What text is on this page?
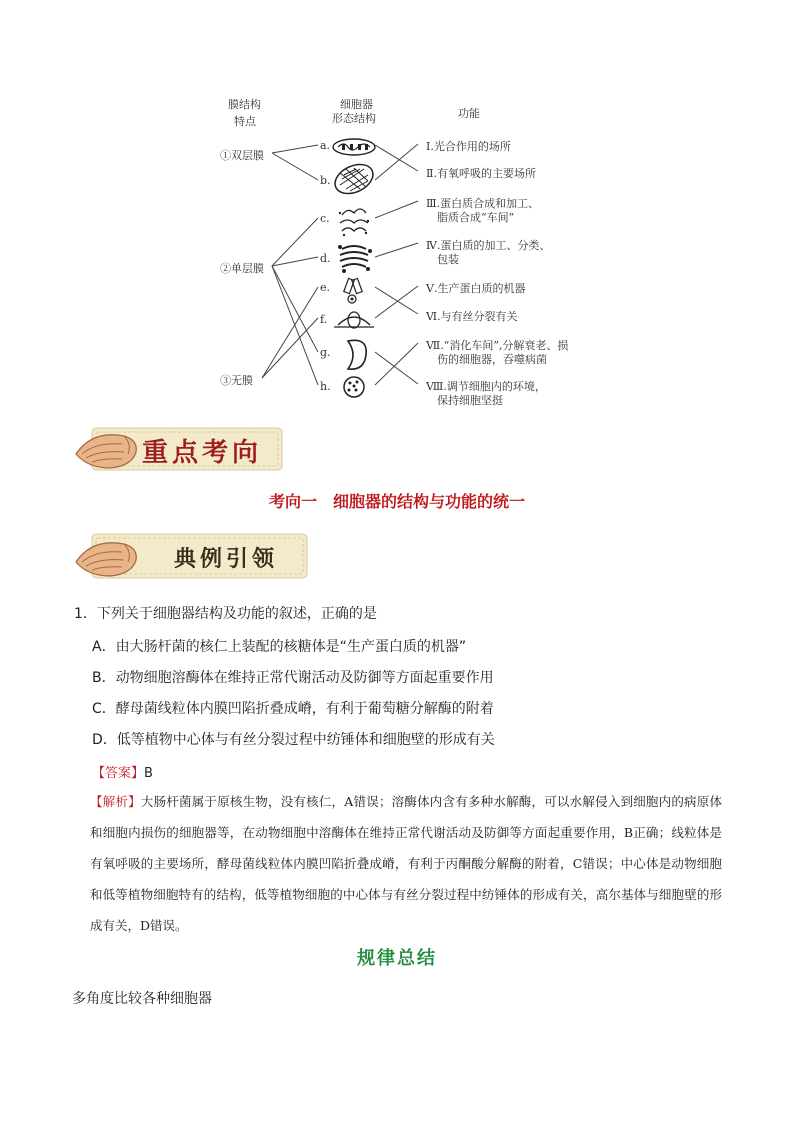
膜结构
特点
细胞器
形态结构	功能
①双层膜
②单层膜
③无膜
a.
b.
c.
d.
e.
f.
g.
h.
Ⅰ.光合作用的场所
Ⅱ.有氧呼吸的主要场所
Ⅲ.蛋白质合成和加工、
脂质合成“车间”
Ⅳ.蛋白质的加工、分类、
包装
Ⅴ.生产蛋白质的机器
Ⅵ.与有丝分裂有关
Ⅶ.“消化车间”,分解衰老、损
伤的细胞器，吞噬病菌
Ⅷ.调节细胞内的环境，
保持细胞坚挺
重点考向
考向一　细胞器的结构与功能的统一
典例引领
1．下列关于细胞器结构及功能的叙述，正确的是
A．由大肠杆菌的核仁上装配的核糖体是“生产蛋白质的机器”
B．动物细胞溶酶体在维持正常代谢活动及防御等方面起重要作用
C．酵母菌线粒体内膜凹陷折叠成嵴，有利于葡萄糖分解酶的附着
D．低等植物中心体与有丝分裂过程中纺锤体和细胞壁的形成有关
【答案】B
【解析】大肠杆菌属于原核生物，没有核仁，A错误；溶酶体内含有多种水解酶，可以水解侵入到细胞内的病原体和细胞内损伤的细胞器等，在动物细胞中溶酶体在维持正常代谢活动及防御等方面起重要作用，B正确；线粒体是有氧呼吸的主要场所，酵母菌线粒体内膜凹陷折叠成嵴，有利于丙酮酸分解酶的附着，C错误；中心体是动物细胞和低等植物细胞特有的结构，低等植物细胞的中心体与有丝分裂过程中纺锤体的形成有关，高尔基体与细胞壁的形成有关，D错误。
规律总结
多角度比较各种细胞器
